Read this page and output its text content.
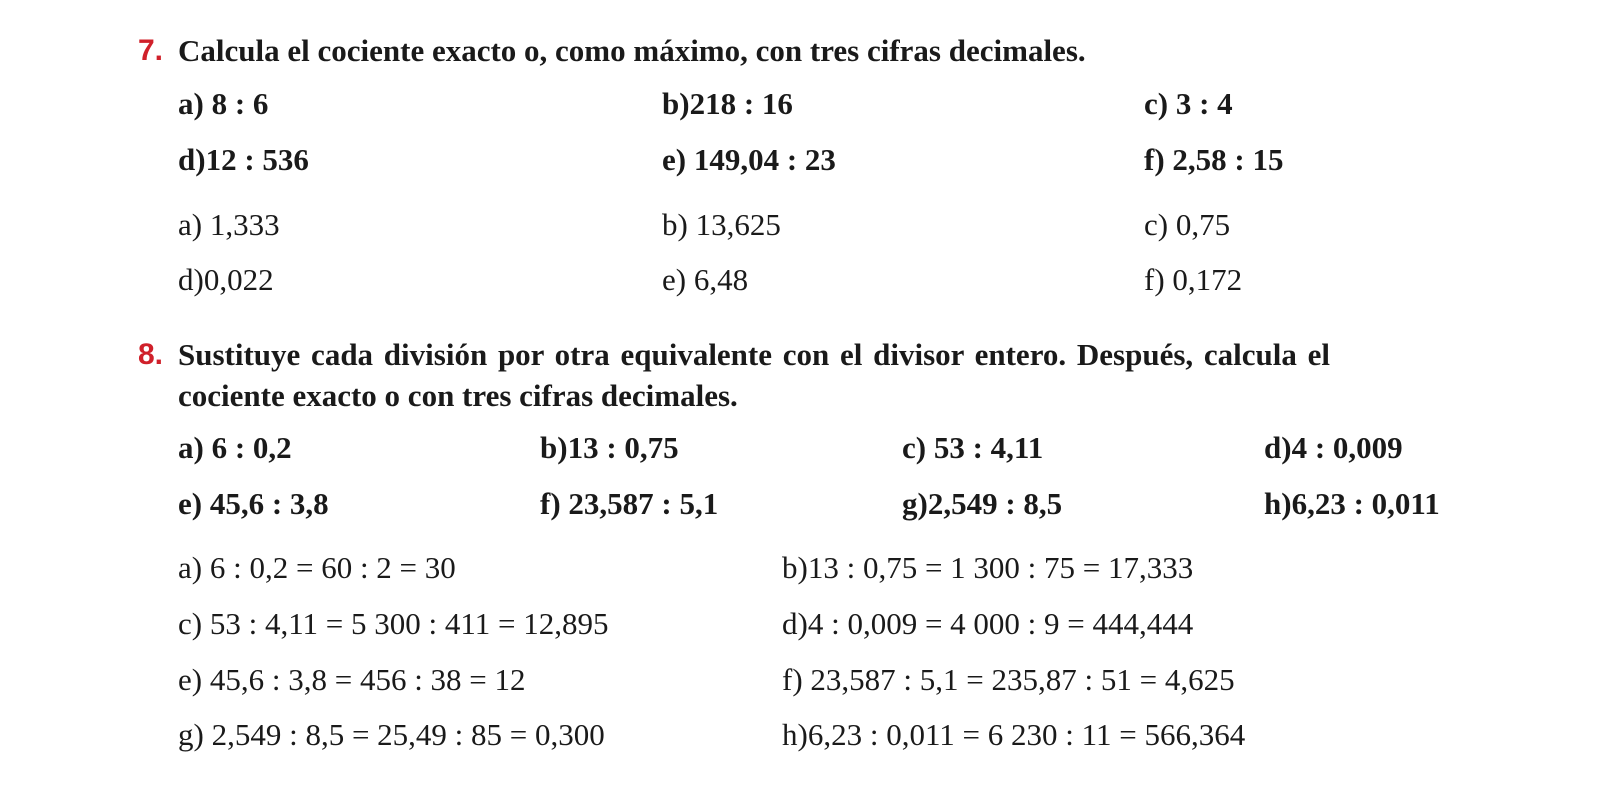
7. Calcula el cociente exacto o, como máximo, con tres cifras decimales.
a) 8 : 6	b)218 : 16	c) 3 : 4
d)12 : 536	e) 149,04 : 23	f) 2,58 : 15
a) 1,333	b) 13,625	c) 0,75
d)0,022	e) 6,48	f) 0,172
8. Sustituye cada división por otra equivalente con el divisor entero. Después, calcula el
cociente exacto o con tres cifras decimales.
a) 6 : 0,2	b)13 : 0,75	c) 53 : 4,11	d)4 : 0,009
e) 45,6 : 3,8	f) 23,587 : 5,1	g)2,549 : 8,5	h)6,23 : 0,011
a) 6 : 0,2 = 60 : 2 = 30	b)13 : 0,75 = 1 300 : 75 = 17,333
c) 53 : 4,11 = 5 300 : 411 = 12,895	d)4 : 0,009 = 4 000 : 9 = 444,444
e) 45,6 : 3,8 = 456 : 38 = 12	f) 23,587 : 5,1 = 235,87 : 51 = 4,625
g) 2,549 : 8,5 = 25,49 : 85 = 0,300	h)6,23 : 0,011 = 6 230 : 11 = 566,364
